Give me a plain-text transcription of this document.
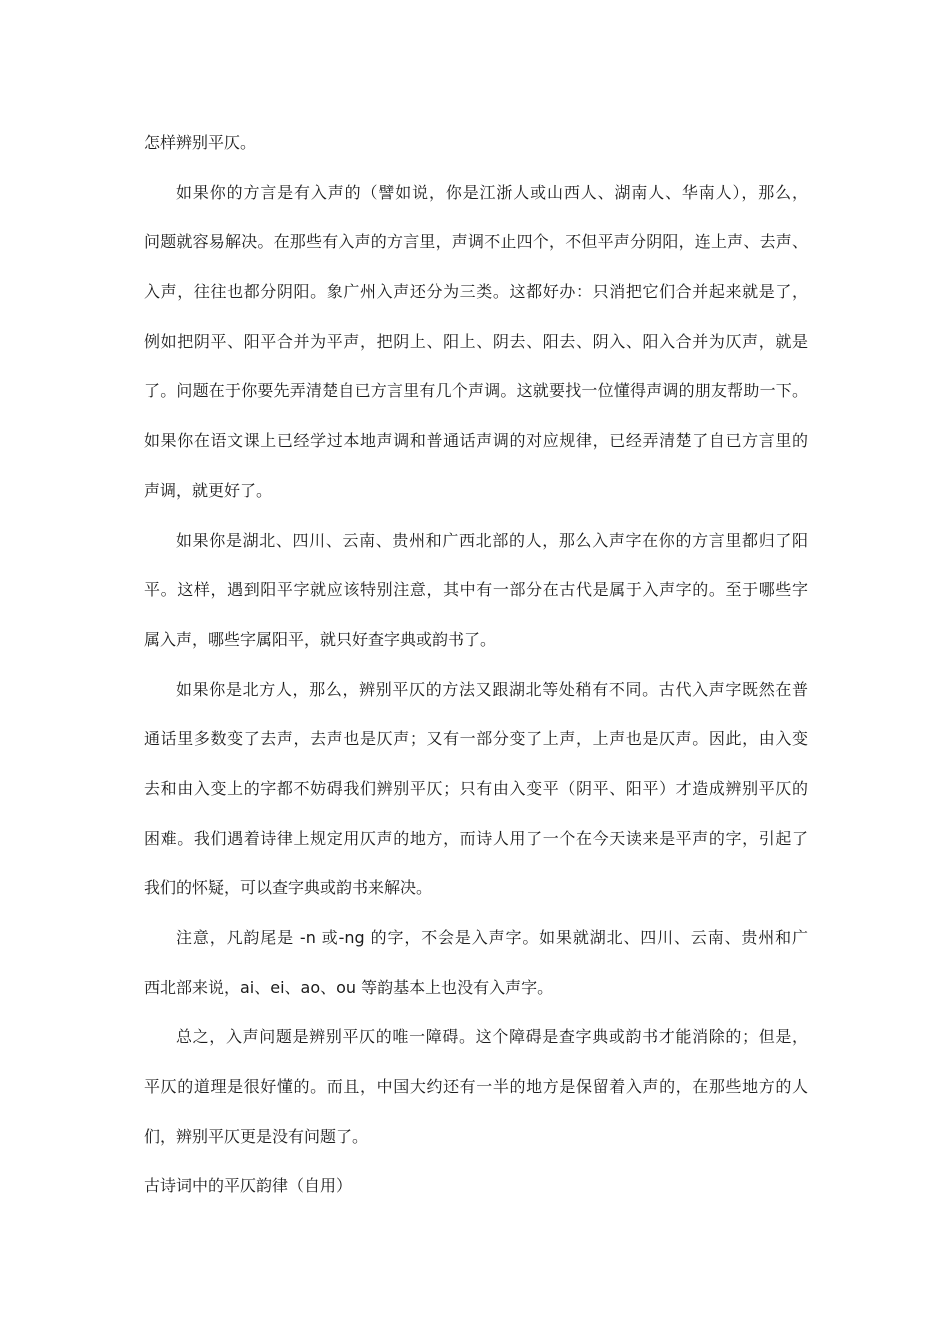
怎样辨别平仄。
如果你的方言是有入声的（譬如说，你是江浙人或山西人、湖南人、华南人），那么，
问题就容易解决。在那些有入声的方言里，声调不止四个，不但平声分阴阳，连上声、去声、
入声，往往也都分阴阳。象广州入声还分为三类。这都好办：只消把它们合并起来就是了，
例如把阴平、阳平合并为平声，把阴上、阳上、阴去、阳去、阴入、阳入合并为仄声，就是
了。问题在于你要先弄清楚自已方言里有几个声调。这就要找一位懂得声调的朋友帮助一下。
如果你在语文课上已经学过本地声调和普通话声调的对应规律，已经弄清楚了自已方言里的
声调，就更好了。
如果你是湖北、四川、云南、贵州和广西北部的人，那么入声字在你的方言里都归了阳
平。这样，遇到阳平字就应该特别注意，其中有一部分在古代是属于入声字的。至于哪些字
属入声，哪些字属阳平，就只好查字典或韵书了。
如果你是北方人，那么，辨别平仄的方法又跟湖北等处稍有不同。古代入声字既然在普
通话里多数变了去声，去声也是仄声；又有一部分变了上声，上声也是仄声。因此，由入变
去和由入变上的字都不妨碍我们辨别平仄；只有由入变平（阴平、阳平）才造成辨别平仄的
困难。我们遇着诗律上规定用仄声的地方，而诗人用了一个在今天读来是平声的字，引起了
我们的怀疑，可以查字典或韵书来解决。
注意，凡韵尾是 -n 或-ng 的字，不会是入声字。如果就湖北、四川、云南、贵州和广
西北部来说，ai、ei、ao、ou 等韵基本上也没有入声字。
总之，入声问题是辨别平仄的唯一障碍。这个障碍是查字典或韵书才能消除的；但是，
平仄的道理是很好懂的。而且，中国大约还有一半的地方是保留着入声的，在那些地方的人
们，辨别平仄更是没有问题了。
古诗词中的平仄韵律（自用）
